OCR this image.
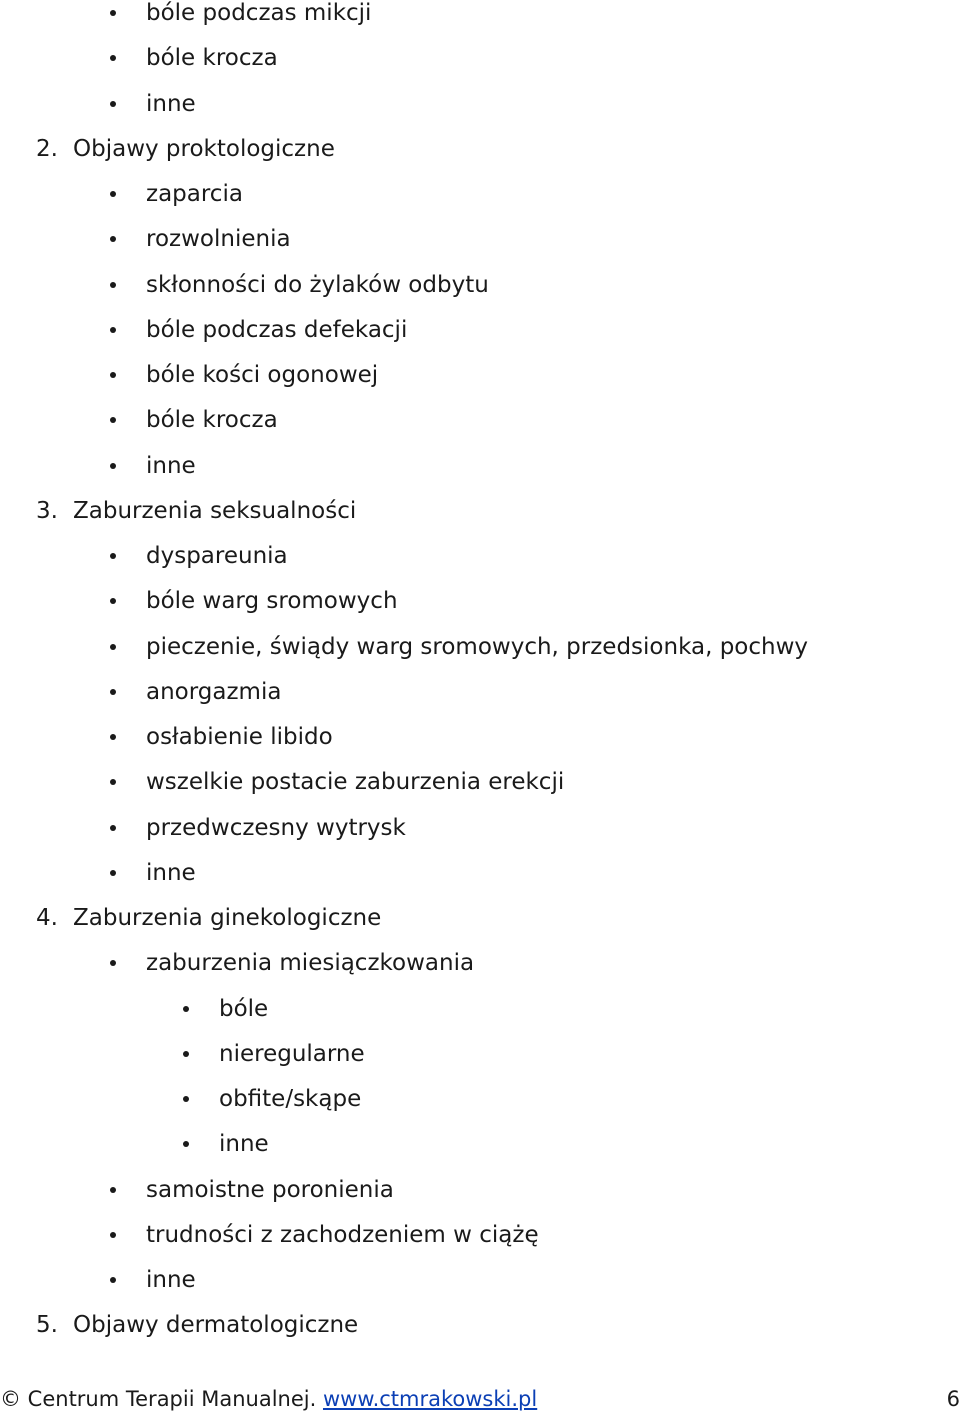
bóle podczas mikcji
bóle krocza
inne
2. Objawy proktologiczne
zaparcia
rozwolnienia
skłonności do żylaków odbytu
bóle podczas defekacji
bóle kości ogonowej
bóle krocza
inne
3. Zaburzenia seksualności
dyspareunia
bóle warg sromowych
pieczenie, świądy warg sromowych, przedsionka, pochwy
anorgazmia
osłabienie libido
wszelkie postacie zaburzenia erekcji
przedwczesny wytrysk
inne
4. Zaburzenia ginekologiczne
zaburzenia miesiączkowania
bóle
nieregularne
obfite/skąpe
inne
samoistne poronienia
trudności z zachodzeniem w ciążę
inne
5. Objawy dermatologiczne
© Centrum Terapii Manualnej. www.ctmrakowski.pl	6
